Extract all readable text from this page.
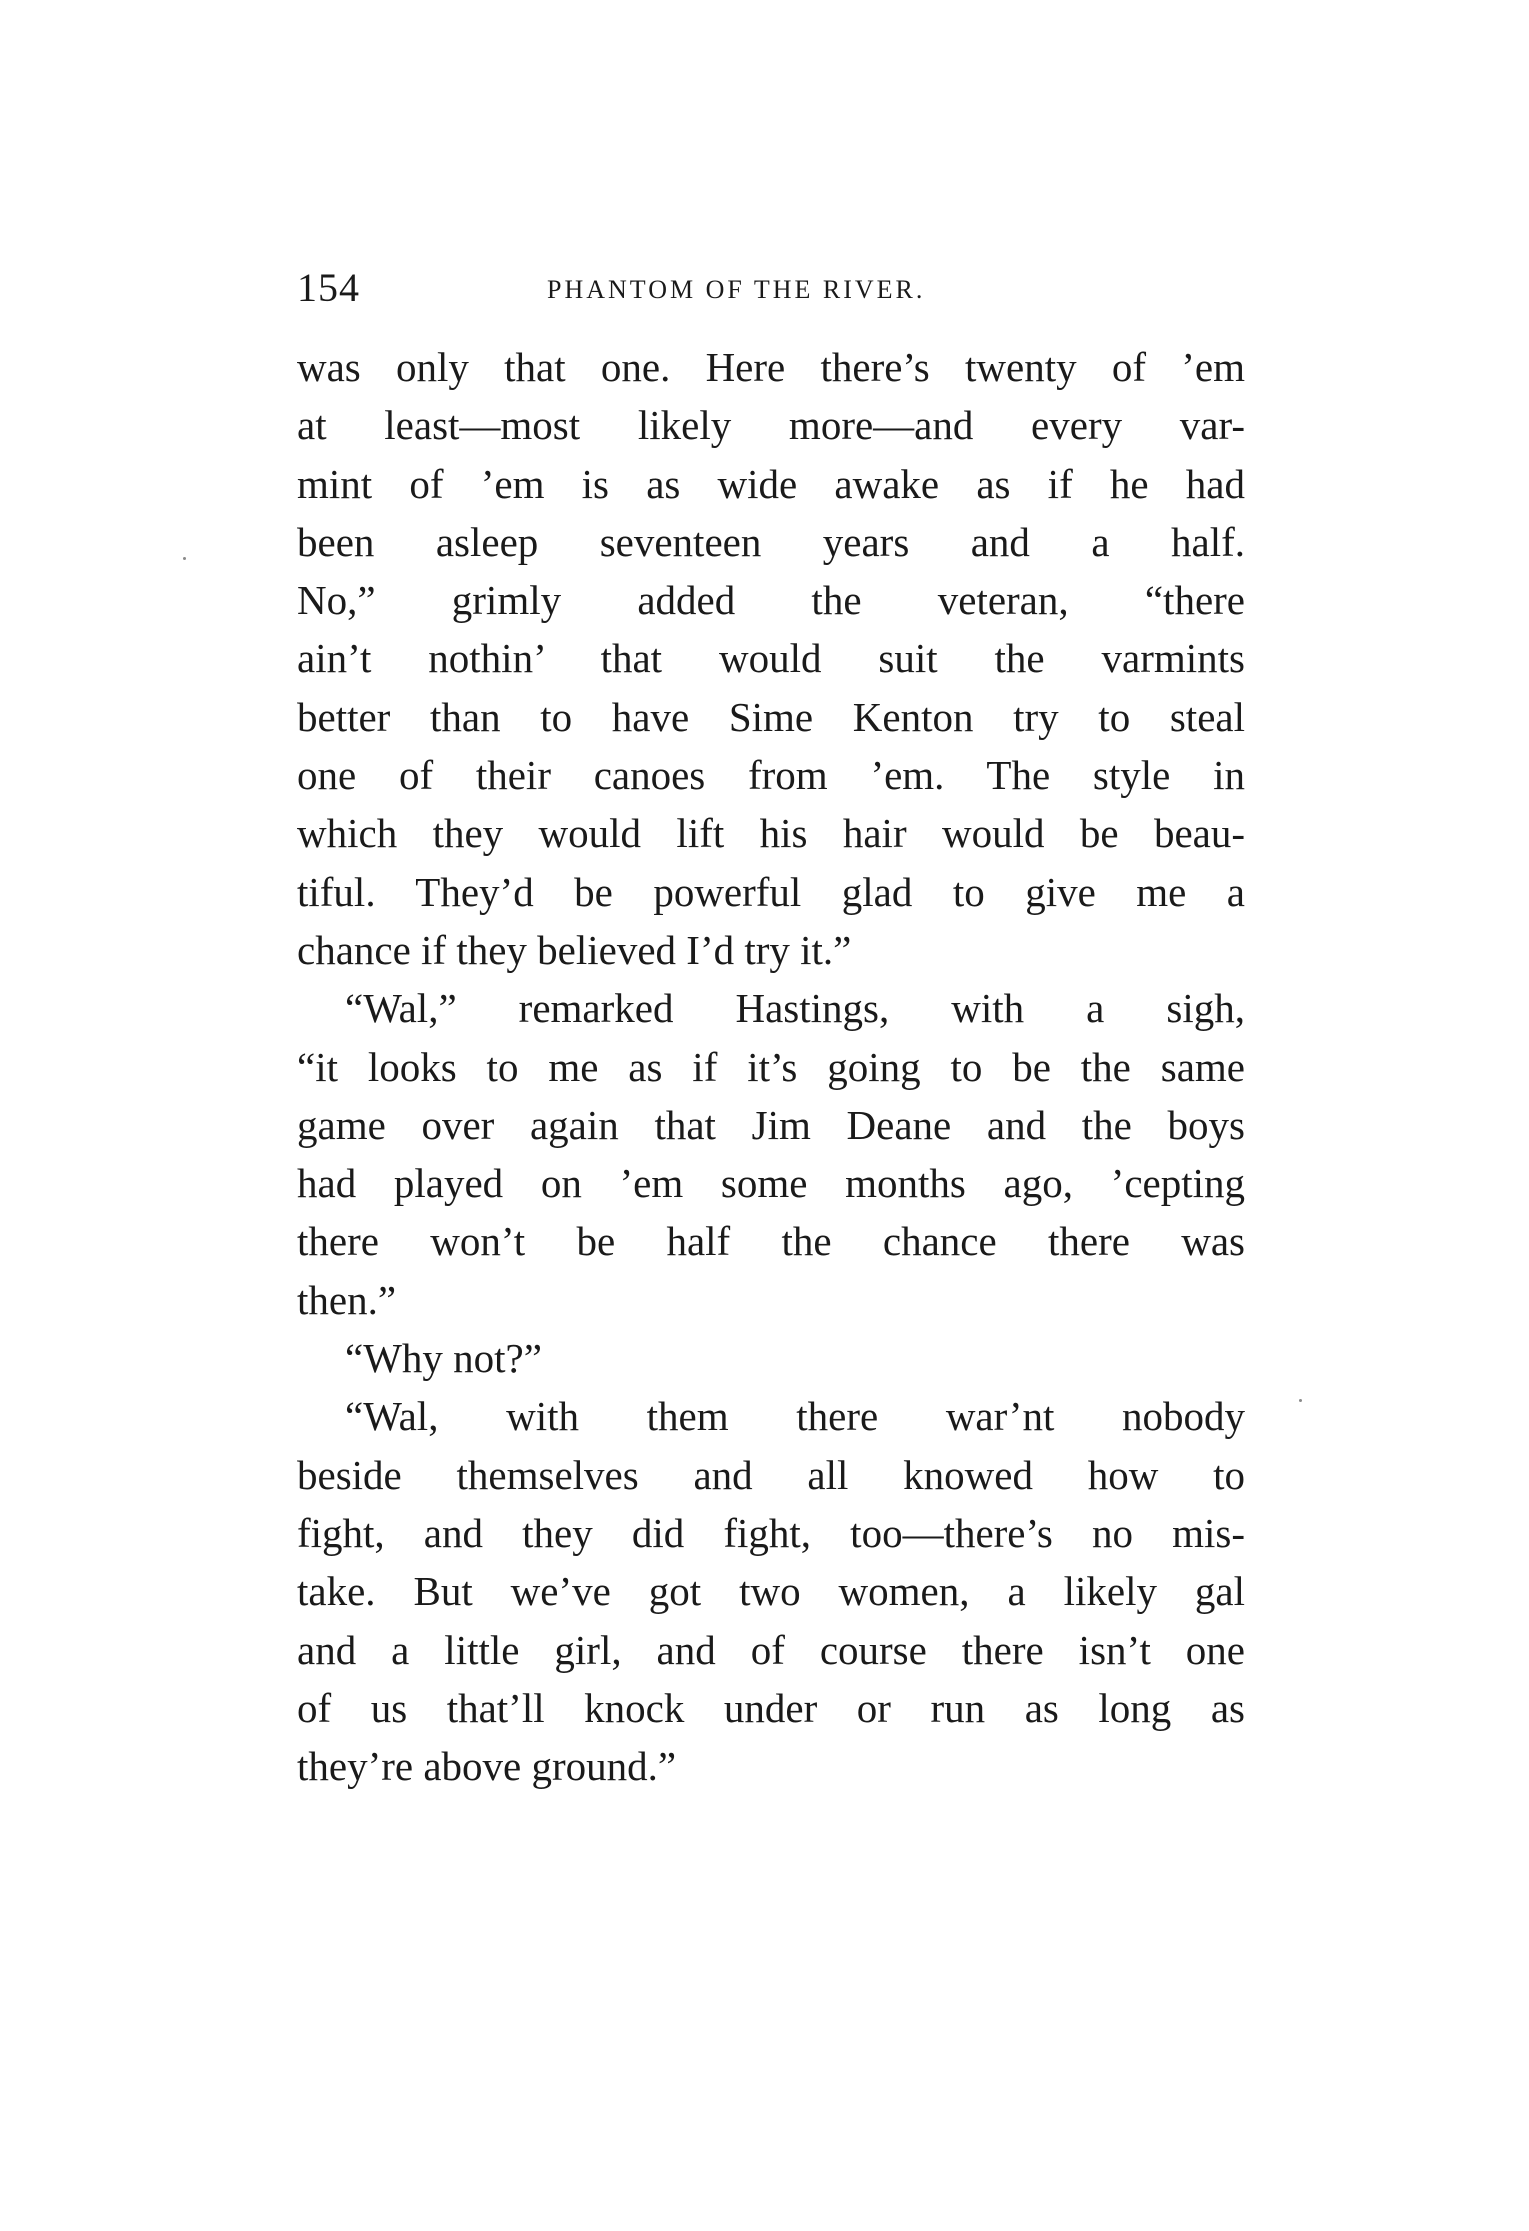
154	PHANTOM OF THE RIVER.
was only that one. Here there’s twenty of ’em
at least—most likely more—and every var-
mint of ’em is as wide awake as if he had
been asleep seventeen years and a half.
No,” grimly added the veteran, “there
ain’t nothin’ that would suit the varmints
better than to have Sime Kenton try to steal
one of their canoes from ’em. The style in
which they would lift his hair would be beau-
tiful. They’d be powerful glad to give me a
chance if they believed I’d try it.”
“Wal,” remarked Hastings, with a sigh,
“it looks to me as if it’s going to be the same
game over again that Jim Deane and the boys
had played on ’em some months ago, ’cepting
there won’t be half the chance there was
then.”
“Why not?”
“Wal, with them there war’nt nobody
beside themselves and all knowed how to
fight, and they did fight, too—there’s no mis-
take. But we’ve got two women, a likely gal
and a little girl, and of course there isn’t one
of us that’ll knock under or run as long as
they’re above ground.”
